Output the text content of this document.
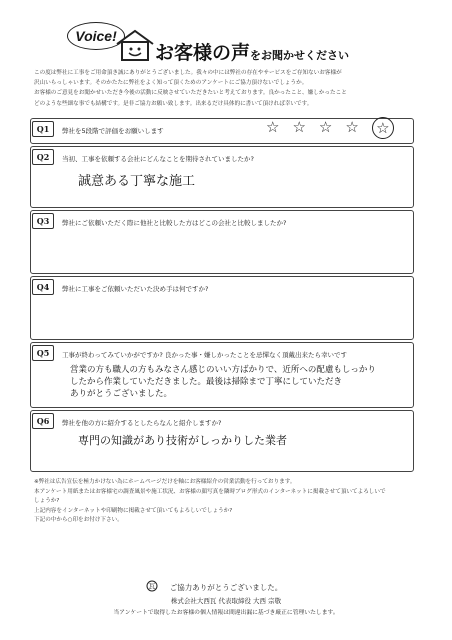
Voice!
お客様の声をお聞かせください

この度は弊社に工事をご用命頂き誠にありがとうございました。我々の中には弊社の存在やサービスをご存知ないお客様が

沢山いらっしゃいます。そのかたたに弊社をよく知って頂くためのアンケートにご協力頂けないでしょうか。

お客様のご意見をお聞かせいただき今後の活動に反映させていただきたいと考えております。良かったこと、嫌しかったこと

どのような些細な事でも結構です。是非ご協力お願い致します。出来るだけ具体的に書いて頂ければ幸いです。

Q1	弊社を5段階で評価をお願いします	☆ ☆ ☆ ☆ ☆
Q2	当初、工事を依頼する会社にどんなことを期待されていましたか?
誠意ある丁寧な施工
Q3	弊社にご依頼いただく際に他社と比較した方はどこの会社と比較しましたか?
Q4	弊社に工事をご依頼いただいた決め手は何ですか?
Q5	工事が終わってみていかがですか? 良かった事・嫌しかったことを忌憚なく頂戴出来たら幸いです
営業の方も職人の方もみなさん感じのいい方ばかりで、近所への配慮もしっかり
したから作業していただきました。最後は掃除まで丁寧にしていただき
ありがとうございました。
Q6	弊社を他の方に紹介するとしたらなんと紹介しますか?
専門の知識があり技術がしっかりした業者

※弊社は広告宣伝を極力かけない為にホームページだけを軸にお客様紹介の営業活動を行っております。

本アンケート用紙またはお客様宅の調査風景や施工状況、お客様の顔写真を隣時ブログ形式のインターネットに掲載させて頂いてよろしいで

しょうか?

上記内容をインターネットや印刷物に掲載させて頂いてもよろしいでしょうか?

下記の中から○印をお付け下さい。

瓦	ご協力ありがとうございました。
株式会社大西瓦 代表取締役 大西 宗敬
当アンケートで取得したお客様の個人情報は間違出漏に基づき厳正に管理いたします。
